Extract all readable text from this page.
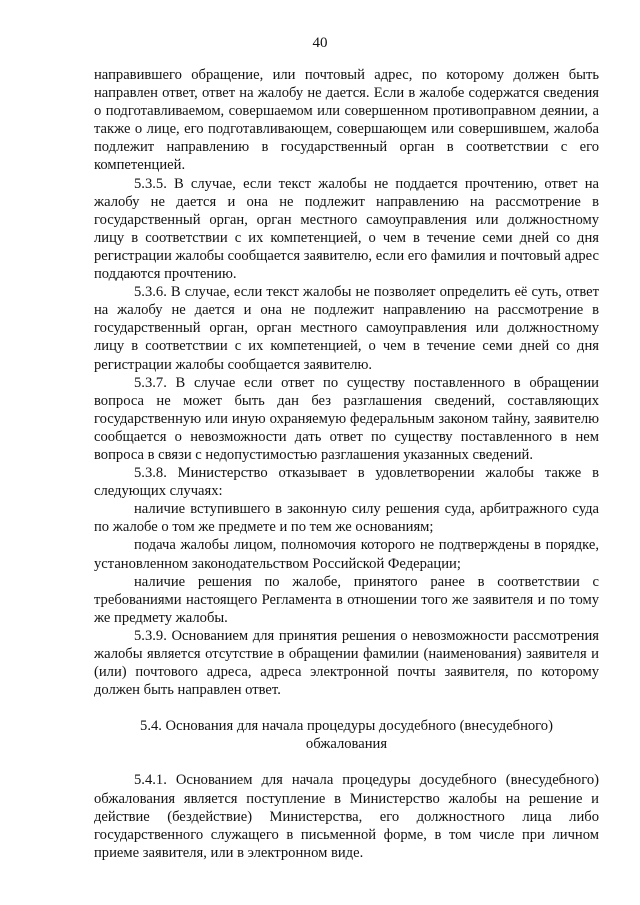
40

направившего обращение, или почтовый адрес, по которому должен быть направлен ответ, ответ на жалобу не дается. Если в жалобе содержатся сведения о подготавливаемом, совершаемом или совершенном противоправном деянии, а также о лице, его подготавливающем, совершающем или совершившем, жалоба подлежит направлению в государственный орган в соответствии с его компетенцией.

5.3.5. В случае, если текст жалобы не поддается прочтению, ответ на жалобу не дается и она не подлежит направлению на рассмотрение в государственный орган, орган местного самоуправления или должностному лицу в соответствии с их компетенцией, о чем в течение семи дней со дня регистрации жалобы сообщается заявителю, если его фамилия и почтовый адрес поддаются прочтению.

5.3.6. В случае, если текст жалобы не позволяет определить её суть, ответ на жалобу не дается и она не подлежит направлению на рассмотрение в государственный орган, орган местного самоуправления или должностному лицу в соответствии с их компетенцией, о чем в течение семи дней со дня регистрации жалобы сообщается заявителю.

5.3.7. В случае если ответ по существу поставленного в обращении вопроса не может быть дан без разглашения сведений, составляющих государственную или иную охраняемую федеральным законом тайну, заявителю сообщается о невозможности дать ответ по существу поставленного в нем вопроса в связи с недопустимостью разглашения указанных сведений.

5.3.8. Министерство отказывает в удовлетворении жалобы также в следующих случаях:

наличие вступившего в законную силу решения суда, арбитражного суда по жалобе о том же предмете и по тем же основаниям;

подача жалобы лицом, полномочия которого не подтверждены в порядке, установленном законодательством Российской Федерации;

наличие решения по жалобе, принятого ранее в соответствии с требованиями настоящего Регламента в отношении того же заявителя и по тому же предмету жалобы.

5.3.9. Основанием для принятия решения о невозможности рассмотрения жалобы является отсутствие в обращении фамилии (наименования) заявителя и (или) почтового адреса, адреса электронной почты заявителя, по которому должен быть направлен ответ.

5.4. Основания для начала процедуры досудебного (внесудебного) обжалования

5.4.1. Основанием для начала процедуры досудебного (внесудебного) обжалования является поступление в Министерство жалобы на решение и действие (бездействие) Министерства, его должностного лица либо государственного служащего в письменной форме, в том числе при личном приеме заявителя, или в электронном виде.
